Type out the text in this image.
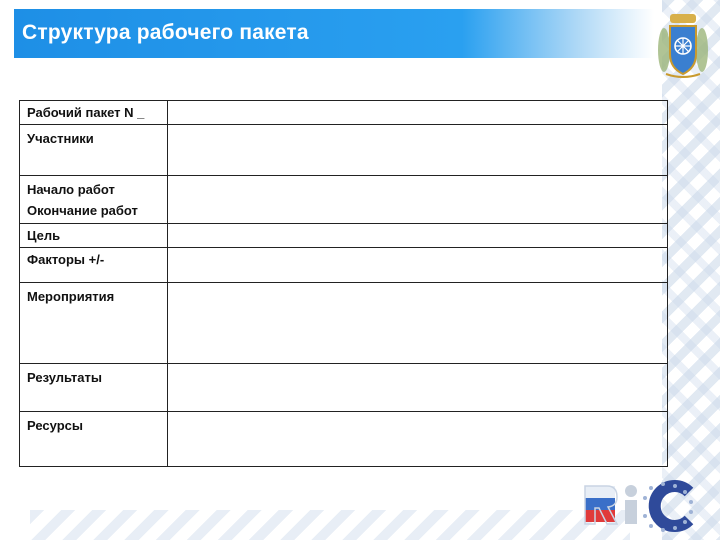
Структура рабочего пакета
Рабочий пакет N _	
Участники	

Начало работ
Окончание работ	

Цель	
Факторы +/-	
Мероприятия	
Результаты	
Ресурсы	
